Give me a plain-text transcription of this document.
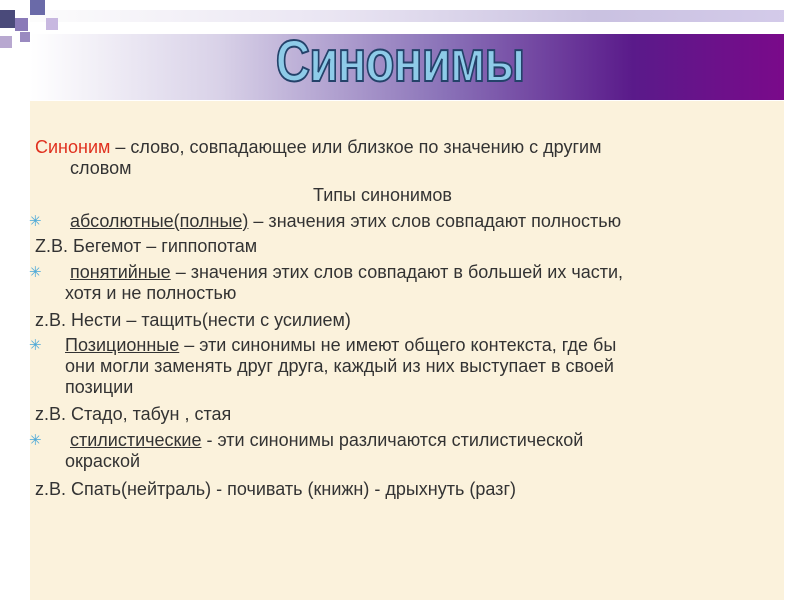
Синонимы
Синоним – слово, совпадающее или близкое по значению с другим
словом
Типы синонимов
✳ абсолютные(полные) – значения этих слов совпадают полностью
Z.В. Бегемот – гиппопотам
✳ понятийные – значения этих слов совпадают в большей их части,
хотя и не полностью
z.В. Нести – тащить(нести с усилием)
✳ Позиционные – эти синонимы не имеют общего контекста, где бы
они могли заменять друг друга, каждый из них выступает в своей
позиции
z.В. Стадо, табун , стая
✳ стилистические - эти синонимы различаются стилистической
окраской
z.В. Спать(нейтраль) - почивать (книжн) - дрыхнуть (разг)
